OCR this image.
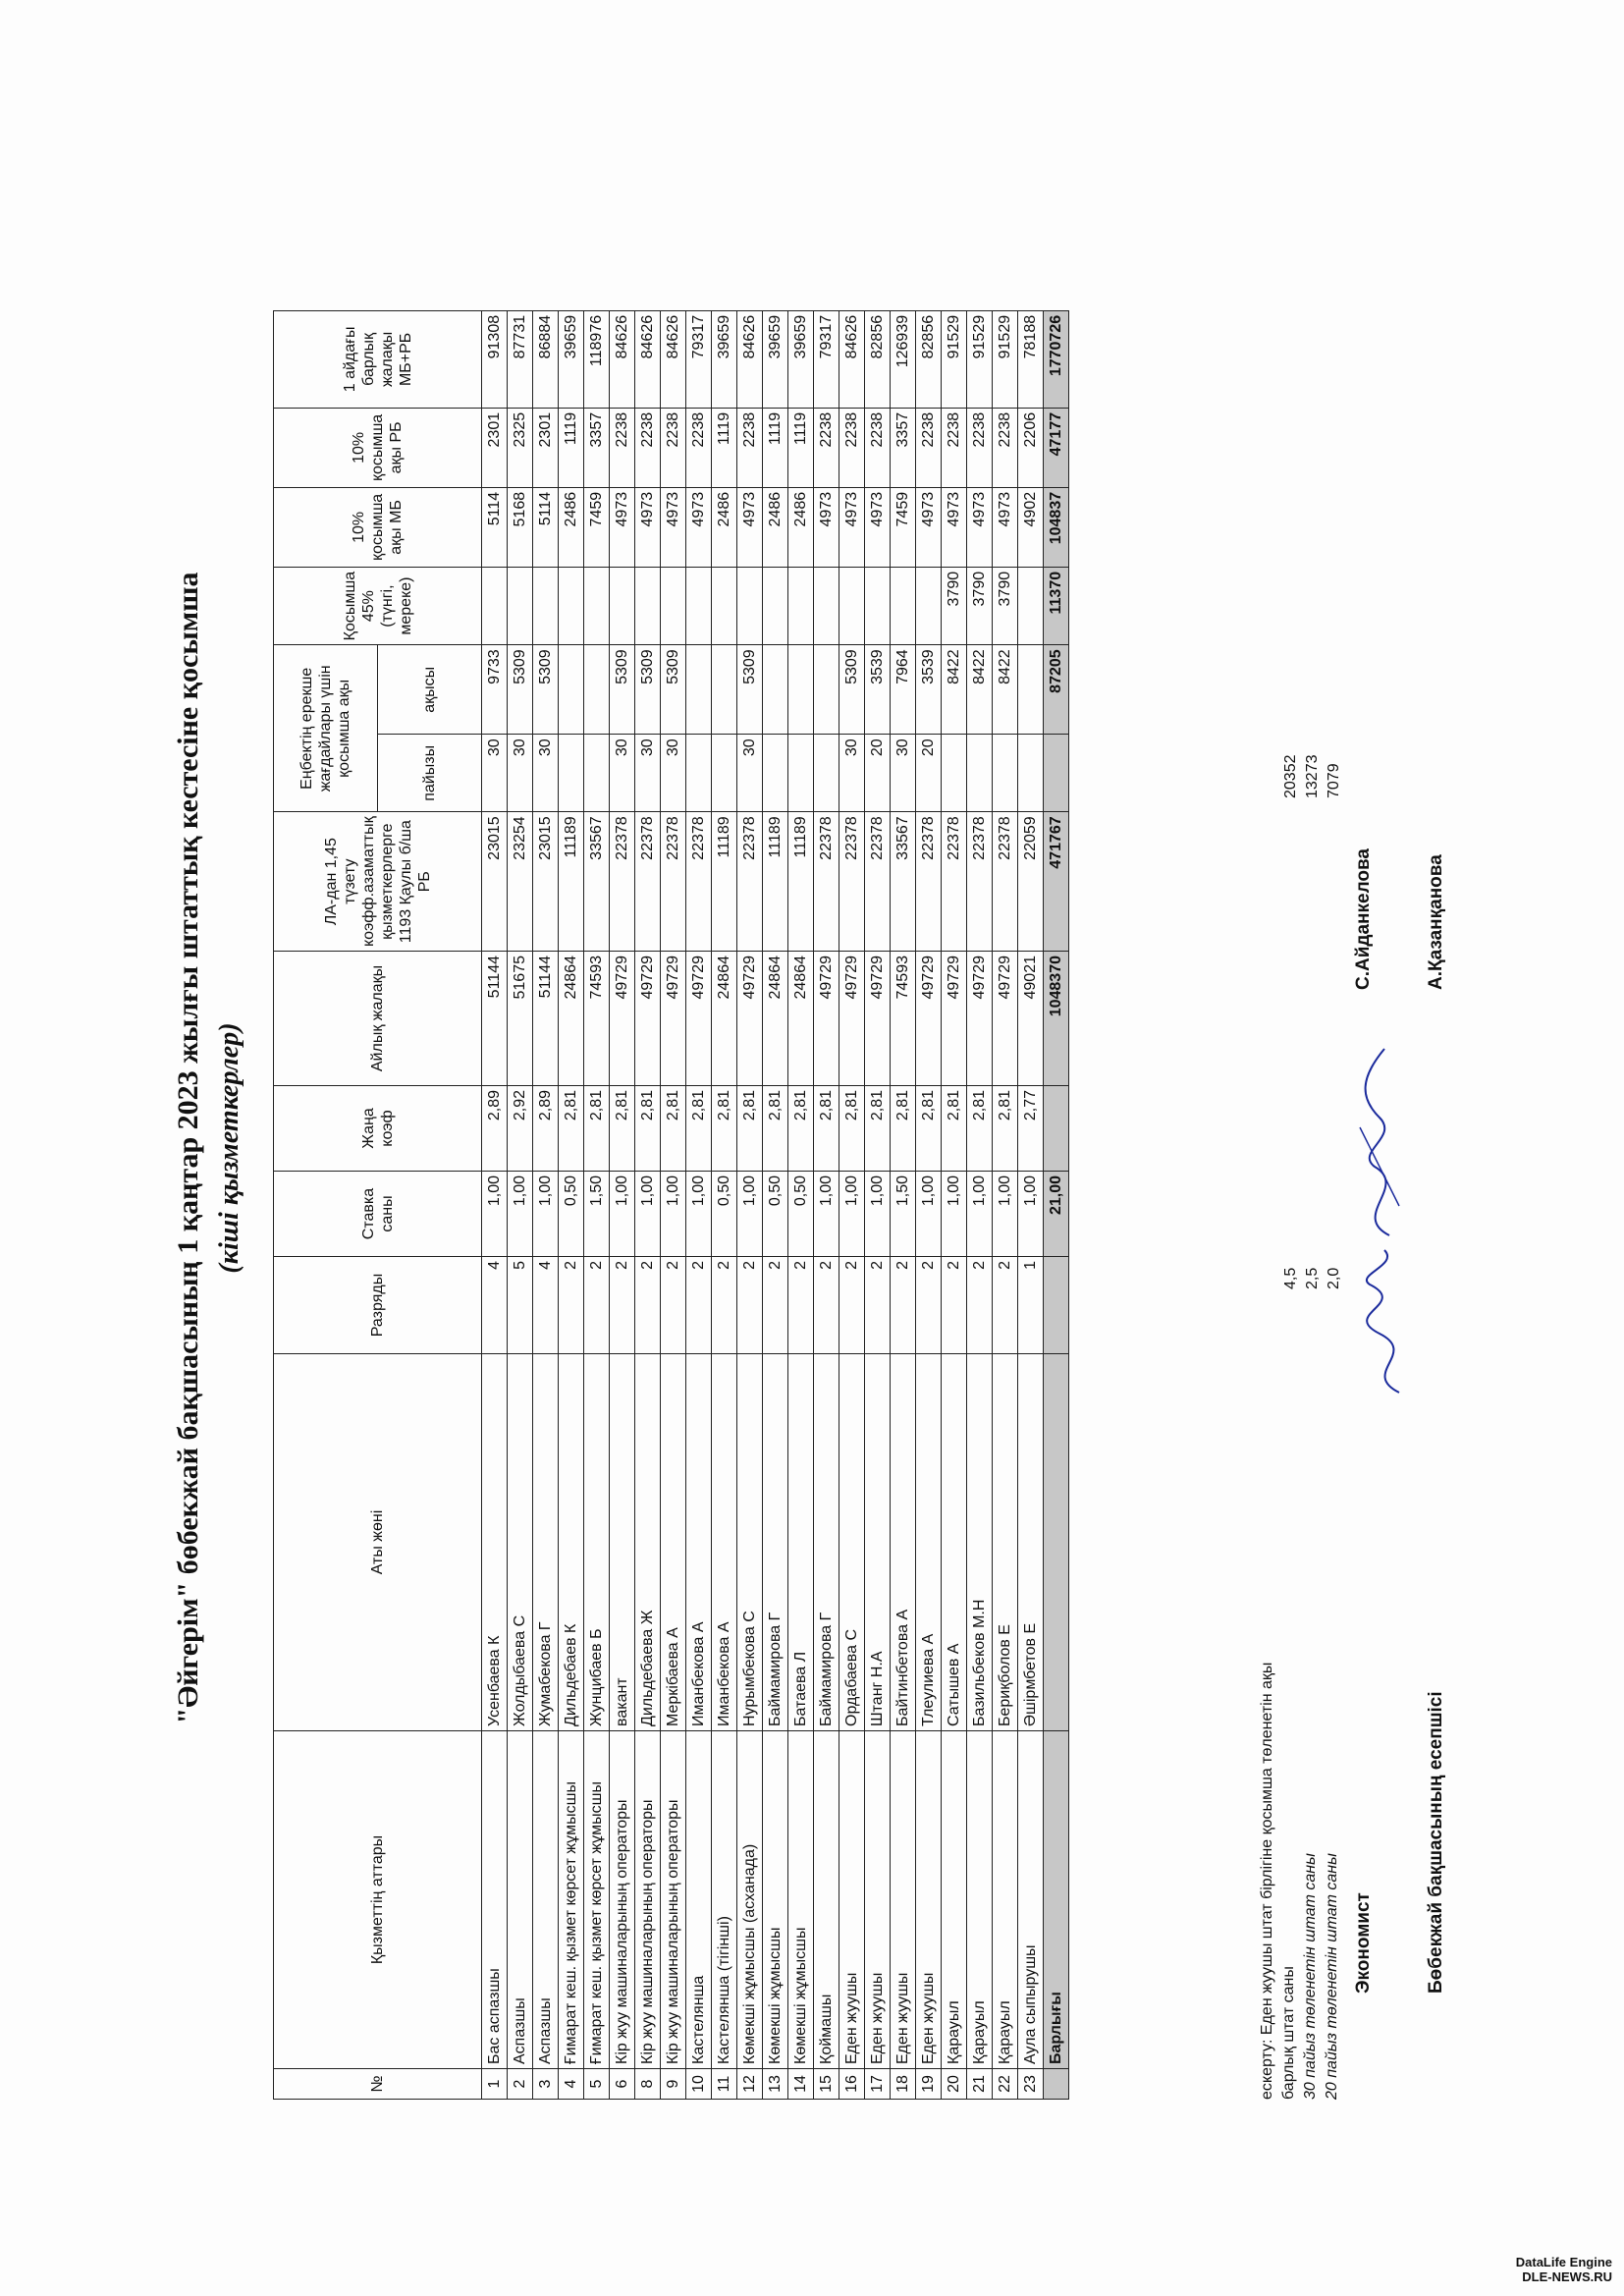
"Әйгерім" бөбекжай бақшасының 1 қаңтар 2023 жылғы штаттық кестесіне қосымша (кіші қызметкерлер)
№	Қызметтің аттары	Аты жөні	Разряды	Ставка саны	Жаңа коэф	Айлық жалақы	ЛА-дан 1,45 түзету коэфф.азаматтық қызметкерлерге 1193 Қаулы б/ша РБ	Еңбектің ерекше жағдайлары үшін қосымша ақы		Қосымша 45% (түнгі, мереке)	10% қосымша ақы МБ	10% қосымша ақы РБ	1 айдағы барлық жалақы МБ+РБ
								пайызы	ақысы				
1	Бас аспазшы	Усенбаева К	4	1,00	2,89	51144	23015	30	9733		5114	2301	91308
2	Аспазшы	Жолдыбаева С	5	1,00	2,92	51675	23254	30	5309		5168	2325	87731
3	Аспазшы	Жумабекова Г	4	1,00	2,89	51144	23015	30	5309		5114	2301	86884
4	Ғимарат кеш. қызмет көрсет жұмысшы	Дильдебаев К	2	0,50	2,81	24864	11189				2486	1119	39659
5	Ғимарат кеш. қызмет көрсет жұмысшы	Жунцибаев Б	2	1,50	2,81	74593	33567				7459	3357	118976
6	Кір жуу машиналарының операторы	вакант	2	1,00	2,81	49729	22378	30	5309		4973	2238	84626
8	Кір жуу машиналарының операторы	Дильдебаева Ж	2	1,00	2,81	49729	22378	30	5309		4973	2238	84626
9	Кір жуу машиналарының операторы	Меркібаева А	2	1,00	2,81	49729	22378	30	5309		4973	2238	84626
10	Кастелянша	Иманбекова А	2	1,00	2,81	49729	22378				4973	2238	79317
11	Кастелянша (тігінші)	Иманбекова А	2	0,50	2,81	24864	11189				2486	1119	39659
12	Көмекші жұмысшы (асханада)	Нурымбекова С	2	1,00	2,81	49729	22378	30	5309		4973	2238	84626
13	Көмекші жұмысшы	Баймамирова Г	2	0,50	2,81	24864	11189				2486	1119	39659
14	Көмекші жұмысшы	Батаева Л	2	0,50	2,81	24864	11189				2486	1119	39659
15	Қоймашы	Баймамирова Г	2	1,00	2,81	49729	22378				4973	2238	79317
16	Еден жуушы	Ордабаева С	2	1,00	2,81	49729	22378	30	5309		4973	2238	84626
17	Еден жуушы	Штанг Н.А	2	1,00	2,81	49729	22378	20	3539		4973	2238	82856
18	Еден жуушы	Байтинбетова А	2	1,50	2,81	74593	33567	30	7964		7459	3357	126939
19	Еден жуушы	Тлеулиева А	2	1,00	2,81	49729	22378	20	3539		4973	2238	82856
20	Қарауыл	Сатышев А	2	1,00	2,81	49729	22378		8422	3790	4973	2238	91529
21	Қарауыл	Базильбеков М.Н	2	1,00	2,81	49729	22378		8422	3790	4973	2238	91529
22	Қарауыл	Бериқболов Е	2	1,00	2,81	49729	22378		8422	3790	4973	2238	91529
23	Аула сыпырушы	Әшірмбетов Е	1	1,00	2,77	49021	22059				4902	2206	78188
	Барлығы			21,00		1048370	471767		87205	11370	104837	47177	1770726
ескерту: Еден жуушы штат бірлігіне қосымша төленетін ақы барлық штат саны 30 пайыз төленетін штат саны 20 пайыз төленетін штат саны
4,5 2,5 2,0
20352 13273 7079
Экономист
С.Айданкелова
Бөбекжай бақшасының есепшісі
А.Қазанқанова
DataLife Engine
DLE-NEWS.RU
